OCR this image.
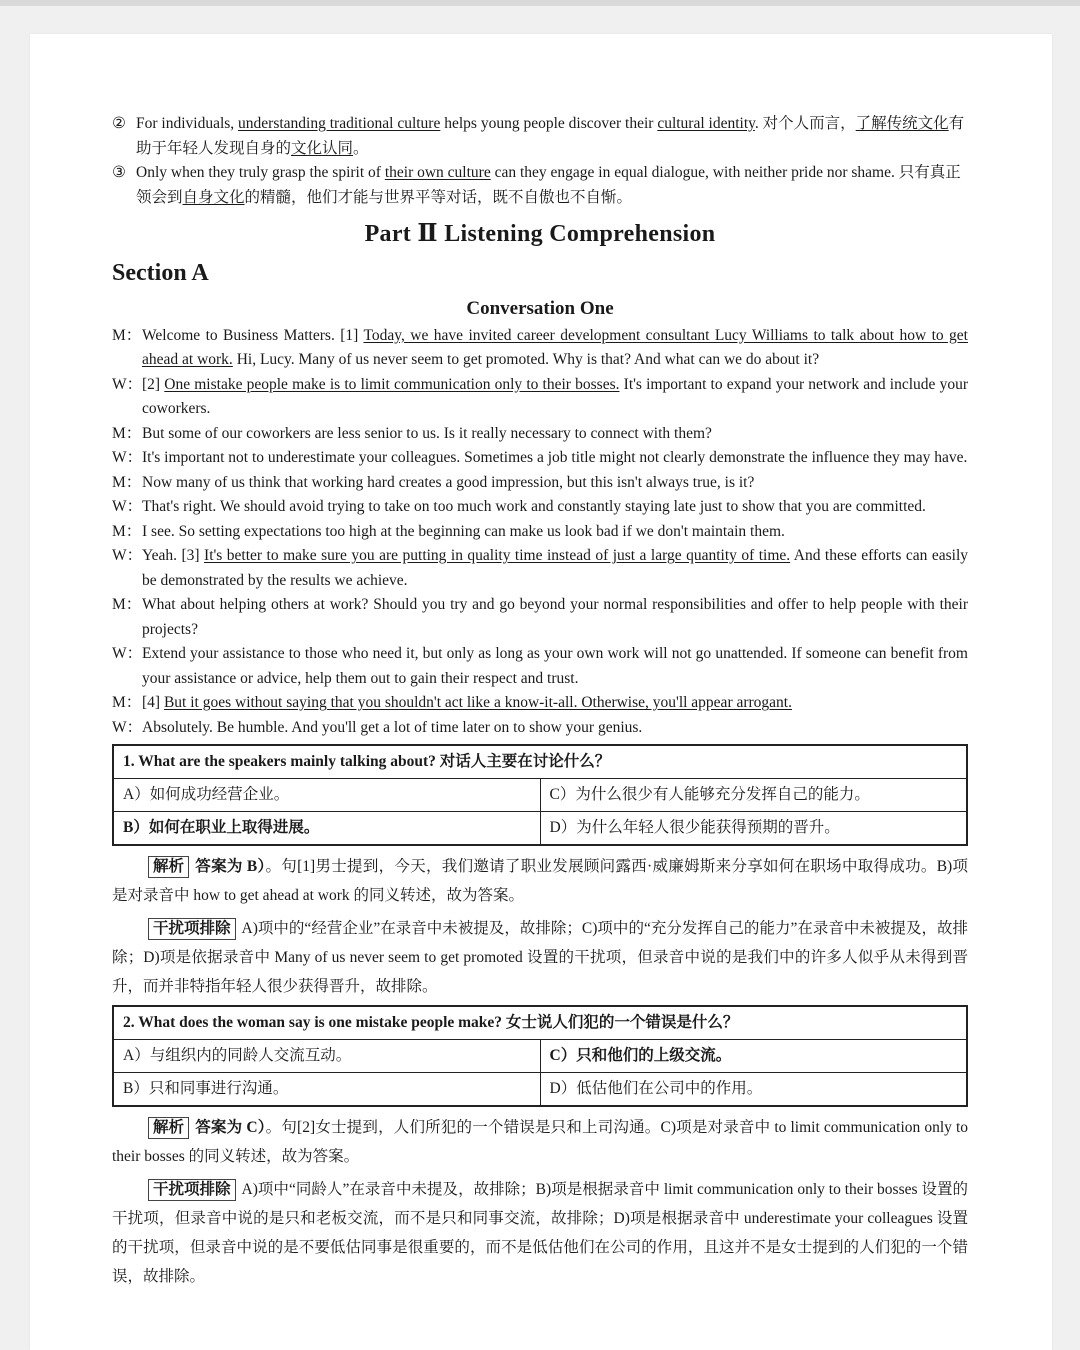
② For individuals, understanding traditional culture helps young people discover their cultural identity. 对个人而言，了解传统文化有助于年轻人发现自身的文化认同。
③ Only when they truly grasp the spirit of their own culture can they engage in equal dialogue, with neither pride nor shame. 只有真正领会到自身文化的精髓，他们才能与世界平等对话，既不自傲也不自惭。
Part Ⅱ Listening Comprehension
Section A
Conversation One
M： Welcome to Business Matters. [1] Today, we have invited career development consultant Lucy Williams to talk about how to get ahead at work. Hi, Lucy. Many of us never seem to get promoted. Why is that? And what can we do about it?
W： [2] One mistake people make is to limit communication only to their bosses. It's important to expand your network and include your coworkers.
M： But some of our coworkers are less senior to us. Is it really necessary to connect with them?
W： It's important not to underestimate your colleagues. Sometimes a job title might not clearly demonstrate the influence they may have.
M： Now many of us think that working hard creates a good impression, but this isn't always true, is it?
W： That's right. We should avoid trying to take on too much work and constantly staying late just to show that you are committed.
M： I see. So setting expectations too high at the beginning can make us look bad if we don't maintain them.
W： Yeah. [3] It's better to make sure you are putting in quality time instead of just a large quantity of time. And these efforts can easily be demonstrated by the results we achieve.
M： What about helping others at work? Should you try and go beyond your normal responsibilities and offer to help people with their projects?
W： Extend your assistance to those who need it, but only as long as your own work will not go unattended. If someone can benefit from your assistance or advice, help them out to gain their respect and trust.
M： [4] But it goes without saying that you shouldn't act like a know-it-all. Otherwise, you'll appear arrogant.
W： Absolutely. Be humble. And you'll get a lot of time later on to show your genius.
1. What are the speakers mainly talking about? 对话人主要在讨论什么？	
A）如何成功经营企业。	C）为什么很少有人能够充分发挥自己的能力。
B）如何在职业上取得进展。	D）为什么年轻人很少能获得预期的晋升。
解析 答案为 B）。句[1]男士提到，今天，我们邀请了职业发展顾问露西·威廉姆斯来分享如何在职场中取得成功。B)项是对录音中 how to get ahead at work 的同义转述，故为答案。
干扰项排除 A)项中的“经营企业”在录音中未被提及，故排除；C)项中的“充分发挥自己的能力”在录音中未被提及，故排除；D)项是依据录音中 Many of us never seem to get promoted 设置的干扰项，但录音中说的是我们中的许多人似乎从未得到晋升，而并非特指年轻人很少获得晋升，故排除。
2. What does the woman say is one mistake people make? 女士说人们犯的一个错误是什么？	
A）与组织内的同龄人交流互动。	C）只和他们的上级交流。
B）只和同事进行沟通。	D）低估他们在公司中的作用。
解析 答案为 C）。句[2]女士提到，人们所犯的一个错误是只和上司沟通。C)项是对录音中 to limit communication only to their bosses 的同义转述，故为答案。
干扰项排除 A)项中“同龄人”在录音中未提及，故排除；B)项是根据录音中 limit communication only to their bosses 设置的干扰项，但录音中说的是只和老板交流，而不是只和同事交流，故排除；D)项是根据录音中 underestimate your colleagues 设置的干扰项，但录音中说的是不要低估同事是很重要的，而不是低估他们在公司的作用，且这并不是女士提到的人们犯的一个错误，故排除。
